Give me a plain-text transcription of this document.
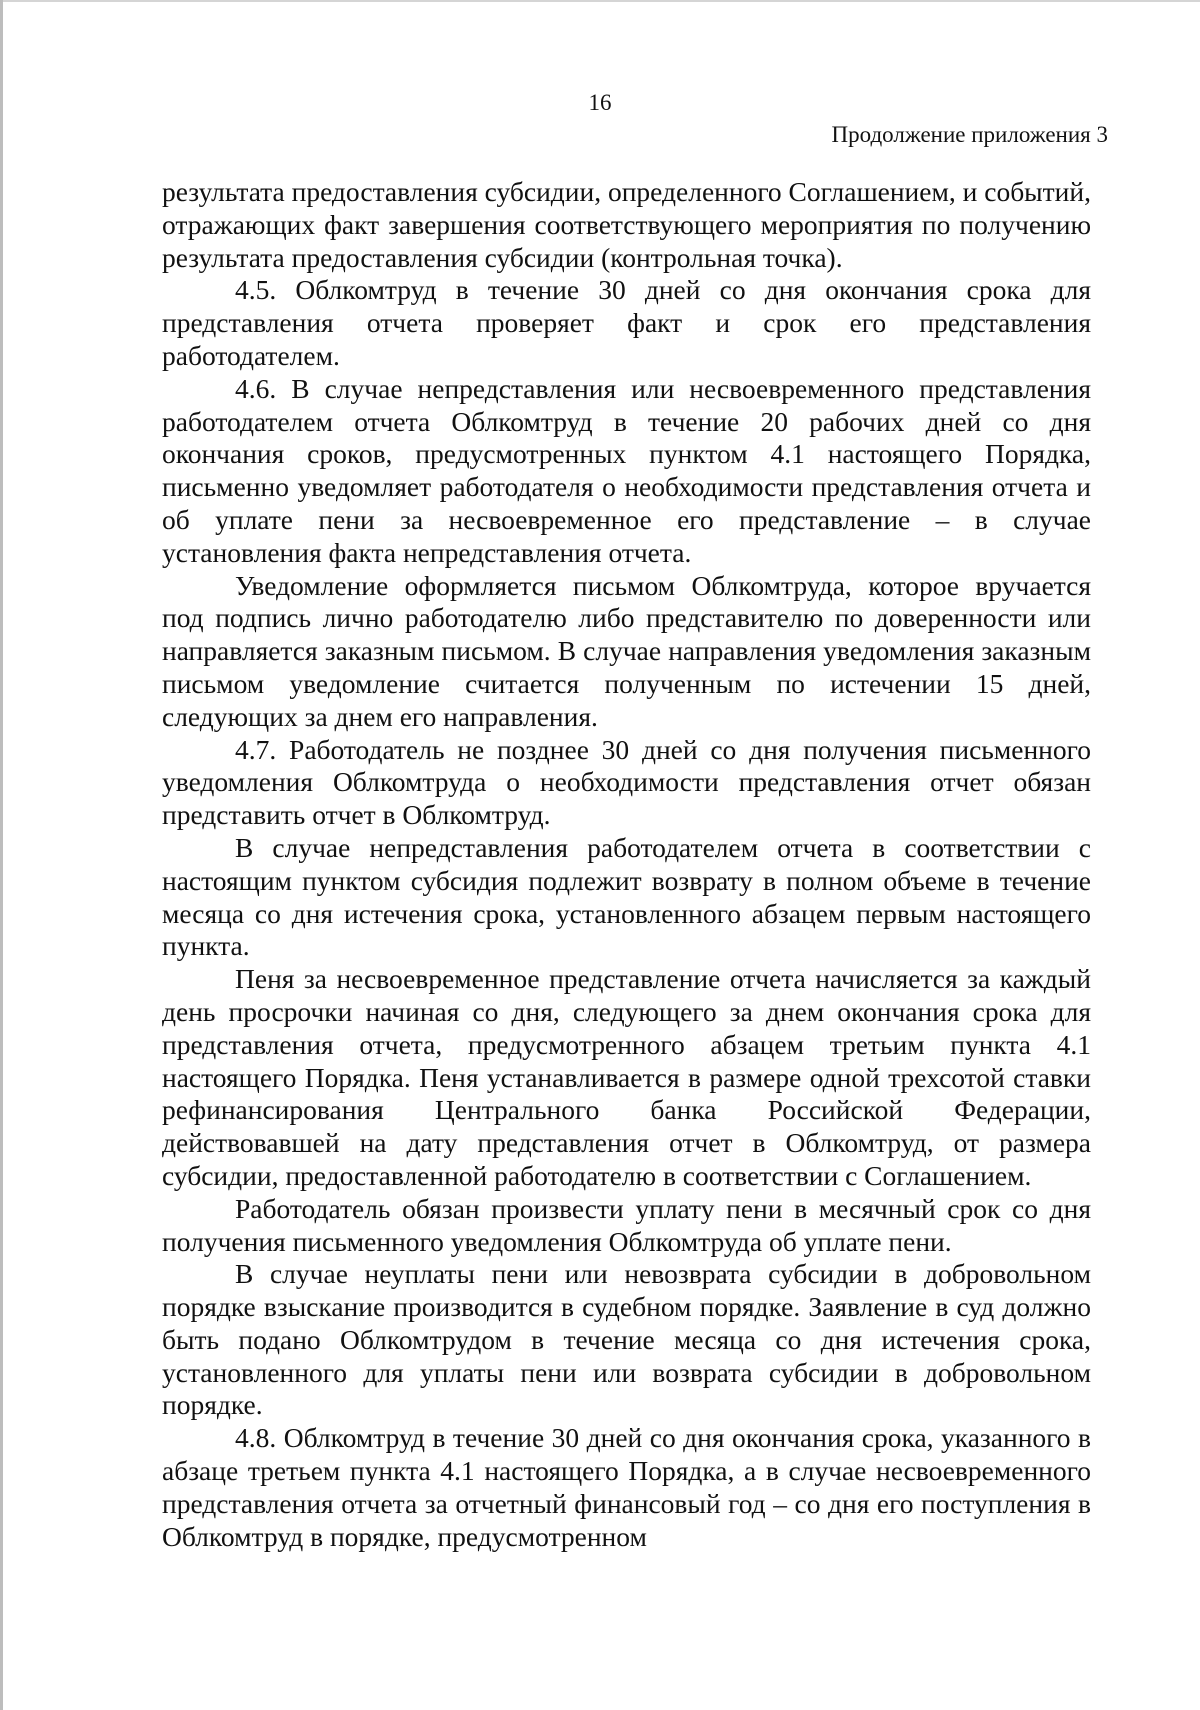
16
Продолжение приложения 3

результата предоставления субсидии, определенного Соглашением, и событий, отражающих факт завершения соответствующего мероприятия по получению результата предоставления субсидии (контрольная точка).

4.5. Облкомтруд в течение 30 дней со дня окончания срока для представления отчета проверяет факт и срок его представления работодателем.

4.6. В случае непредставления или несвоевременного представления работодателем отчета Облкомтруд в течение 20 рабочих дней со дня окончания сроков, предусмотренных пунктом 4.1 настоящего Порядка, письменно уведомляет работодателя о необходимости представления отчета и об уплате пени за несвоевременное его представление – в случае установления факта непредставления отчета.

Уведомление оформляется письмом Облкомтруда, которое вручается под подпись лично работодателю либо представителю по доверенности или направляется заказным письмом. В случае направления уведомления заказным письмом уведомление считается полученным по истечении 15 дней, следующих за днем его направления.

4.7. Работодатель не позднее 30 дней со дня получения письменного уведомления Облкомтруда о необходимости представления отчет обязан представить отчет в Облкомтруд.

В случае непредставления работодателем отчета в соответствии с настоящим пунктом субсидия подлежит возврату в полном объеме в течение месяца со дня истечения срока, установленного абзацем первым настоящего пункта.

Пеня за несвоевременное представление отчета начисляется за каждый день просрочки начиная со дня, следующего за днем окончания срока для представления отчета, предусмотренного абзацем третьим пункта 4.1 настоящего Порядка. Пеня устанавливается в размере одной трехсотой ставки рефинансирования Центрального банка Российской Федерации, действовавшей на дату представления отчет в Облкомтруд, от размера субсидии, предоставленной работодателю в соответствии с Соглашением.

Работодатель обязан произвести уплату пени в месячный срок со дня получения письменного уведомления Облкомтруда об уплате пени.

В случае неуплаты пени или невозврата субсидии в добровольном порядке взыскание производится в судебном порядке. Заявление в суд должно быть подано Облкомтрудом в течение месяца со дня истечения срока, установленного для уплаты пени или возврата субсидии в добровольном порядке.

4.8. Облкомтруд в течение 30 дней со дня окончания срока, указанного в абзаце третьем пункта 4.1 настоящего Порядка, а в случае несвоевременного представления отчета за отчетный финансовый год – со дня его поступления в Облкомтруд в порядке, предусмотренном
